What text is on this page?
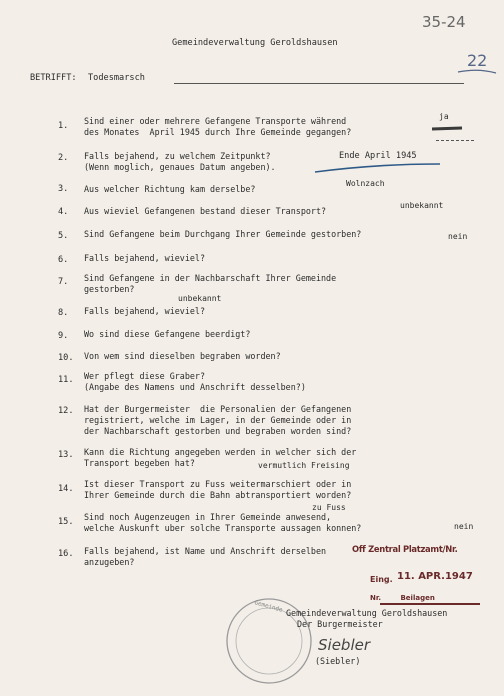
35-24
22
Gemeindeverwaltung Geroldshausen
BETRIFFT: Todesmarsch
1. Sind einer oder mehrere Gefangene Transporte während
des Monates  April 1945 durch Ihre Gemeinde gegangen?
2. Falls bejahend, zu welchem Zeitpunkt?
(Wenn moglich, genaues Datum angeben).
3. Aus welcher Richtung kam derselbe?
4. Aus wieviel Gefangenen bestand dieser Transport?
5. Sind Gefangene beim Durchgang Ihrer Gemeinde gestorben?
6. Falls bejahend, wieviel?
7. Sind Gefangene in der Nachbarschaft Ihrer Gemeinde
gestorben?
8. Falls bejahend, wieviel?
9. Wo sind diese Gefangene beerdigt?
10. Von wem sind dieselben begraben worden?
11. Wer pflegt diese Graber?
(Angabe des Namens und Anschrift desselben?)
12. Hat der Burgermeister  die Personalien der Gefangenen
registriert, welche im Lager, in der Gemeinde oder in
der Nachbarschaft gestorben und begraben worden sind?
13. Kann die Richtung angegeben werden in welcher sich der
Transport begeben hat?
14. Ist dieser Transport zu Fuss weitermarschiert oder in
Ihrer Gemeinde durch die Bahn abtransportiert worden?
15. Sind noch Augenzeugen in Ihrer Gemeinde anwesend,
welche Auskunft uber solche Transporte aussagen konnen?
16. Falls bejahend, ist Name und Anschrift derselben
anzugeben?
ja
Ende April 1945
Wolnzach
unbekannt
nein
unbekannt
vermutlich Freising
zu Fuss
nein
Off Zentral Platzamt/Nr.
Eing. 11. APR.1947
Nr.        Beilagen
Gemeinde Gemeindeverwaltung Geroldshausen
Der Burgermeister
Siebler
(Siebler)
